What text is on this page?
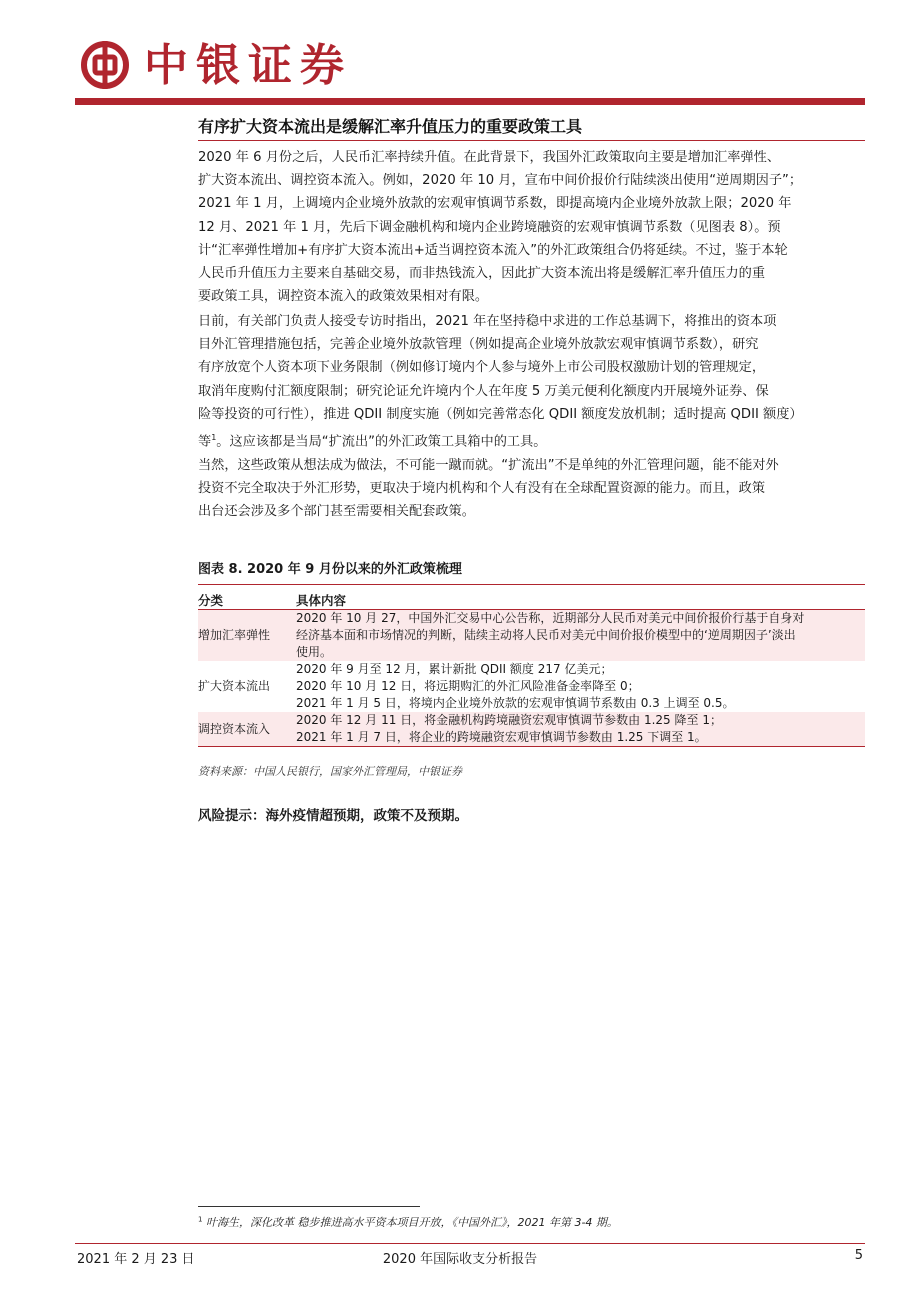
中银证券
有序扩大资本流出是缓解汇率升值压力的重要政策工具
2020 年 6 月份之后，人民币汇率持续升值。在此背景下，我国外汇政策取向主要是增加汇率弹性、
扩大资本流出、调控资本流入。例如，2020 年 10 月，宣布中间价报价行陆续淡出使用“逆周期因子”；
2021 年 1 月，上调境内企业境外放款的宏观审慎调节系数，即提高境内企业境外放款上限；2020 年
12 月、2021 年 1 月，先后下调金融机构和境内企业跨境融资的宏观审慎调节系数（见图表 8）。预
计“汇率弹性增加+有序扩大资本流出+适当调控资本流入”的外汇政策组合仍将延续。不过，鉴于本轮
人民币升值压力主要来自基础交易，而非热钱流入，因此扩大资本流出将是缓解汇率升值压力的重
要政策工具，调控资本流入的政策效果相对有限。
日前，有关部门负责人接受专访时指出，2021 年在坚持稳中求进的工作总基调下，将推出的资本项
目外汇管理措施包括，完善企业境外放款管理（例如提高企业境外放款宏观审慎调节系数），研究
有序放宽个人资本项下业务限制（例如修订境内个人参与境外上市公司股权激励计划的管理规定，
取消年度购付汇额度限制；研究论证允许境内个人在年度 5 万美元便利化额度内开展境外证券、保
险等投资的可行性），推进 QDII 制度实施（例如完善常态化 QDII 额度发放机制；适时提高 QDII 额度）
等$^1$。这应该都是当局“扩流出”的外汇政策工具箱中的工具。
当然，这些政策从想法成为做法，不可能一蹴而就。“扩流出”不是单纯的外汇管理问题，能不能对外
投资不完全取决于外汇形势，更取决于境内机构和个人有没有在全球配置资源的能力。而且，政策
出台还会涉及多个部门甚至需要相关配套政策。
图表 8. 2020 年 9 月份以来的外汇政策梳理
分类	具体内容
增加汇率弹性	2020 年 10 月 27，中国外汇交易中心公告称，近期部分人民币对美元中间价报价行基于自身对
经济基本面和市场情况的判断，陆续主动将人民币对美元中间价报价模型中的‘逆周期因子’淡出
使用。

扩大资本流出	2020 年 9 月至 12 月，累计新批 QDII 额度 217 亿美元；
2020 年 10 月 12 日，将远期购汇的外汇风险准备金率降至 0；
2021 年 1 月 5 日，将境内企业境外放款的宏观审慎调节系数由 0.3 上调至 0.5。

调控资本流入	2020 年 12 月 11 日，将金融机构跨境融资宏观审慎调节参数由 1.25 降至 1；
2021 年 1 月 7 日，将企业的跨境融资宏观审慎调节参数由 1.25 下调至 1。
资料来源：中国人民银行，国家外汇管理局，中银证券
风险提示：海外疫情超预期，政策不及预期。
$^1$ 叶海生，深化改革 稳步推进高水平资本项目开放，《中国外汇》，2021 年第 3-4 期。
2021 年 2 月 23 日	2020 年国际收支分析报告	5
